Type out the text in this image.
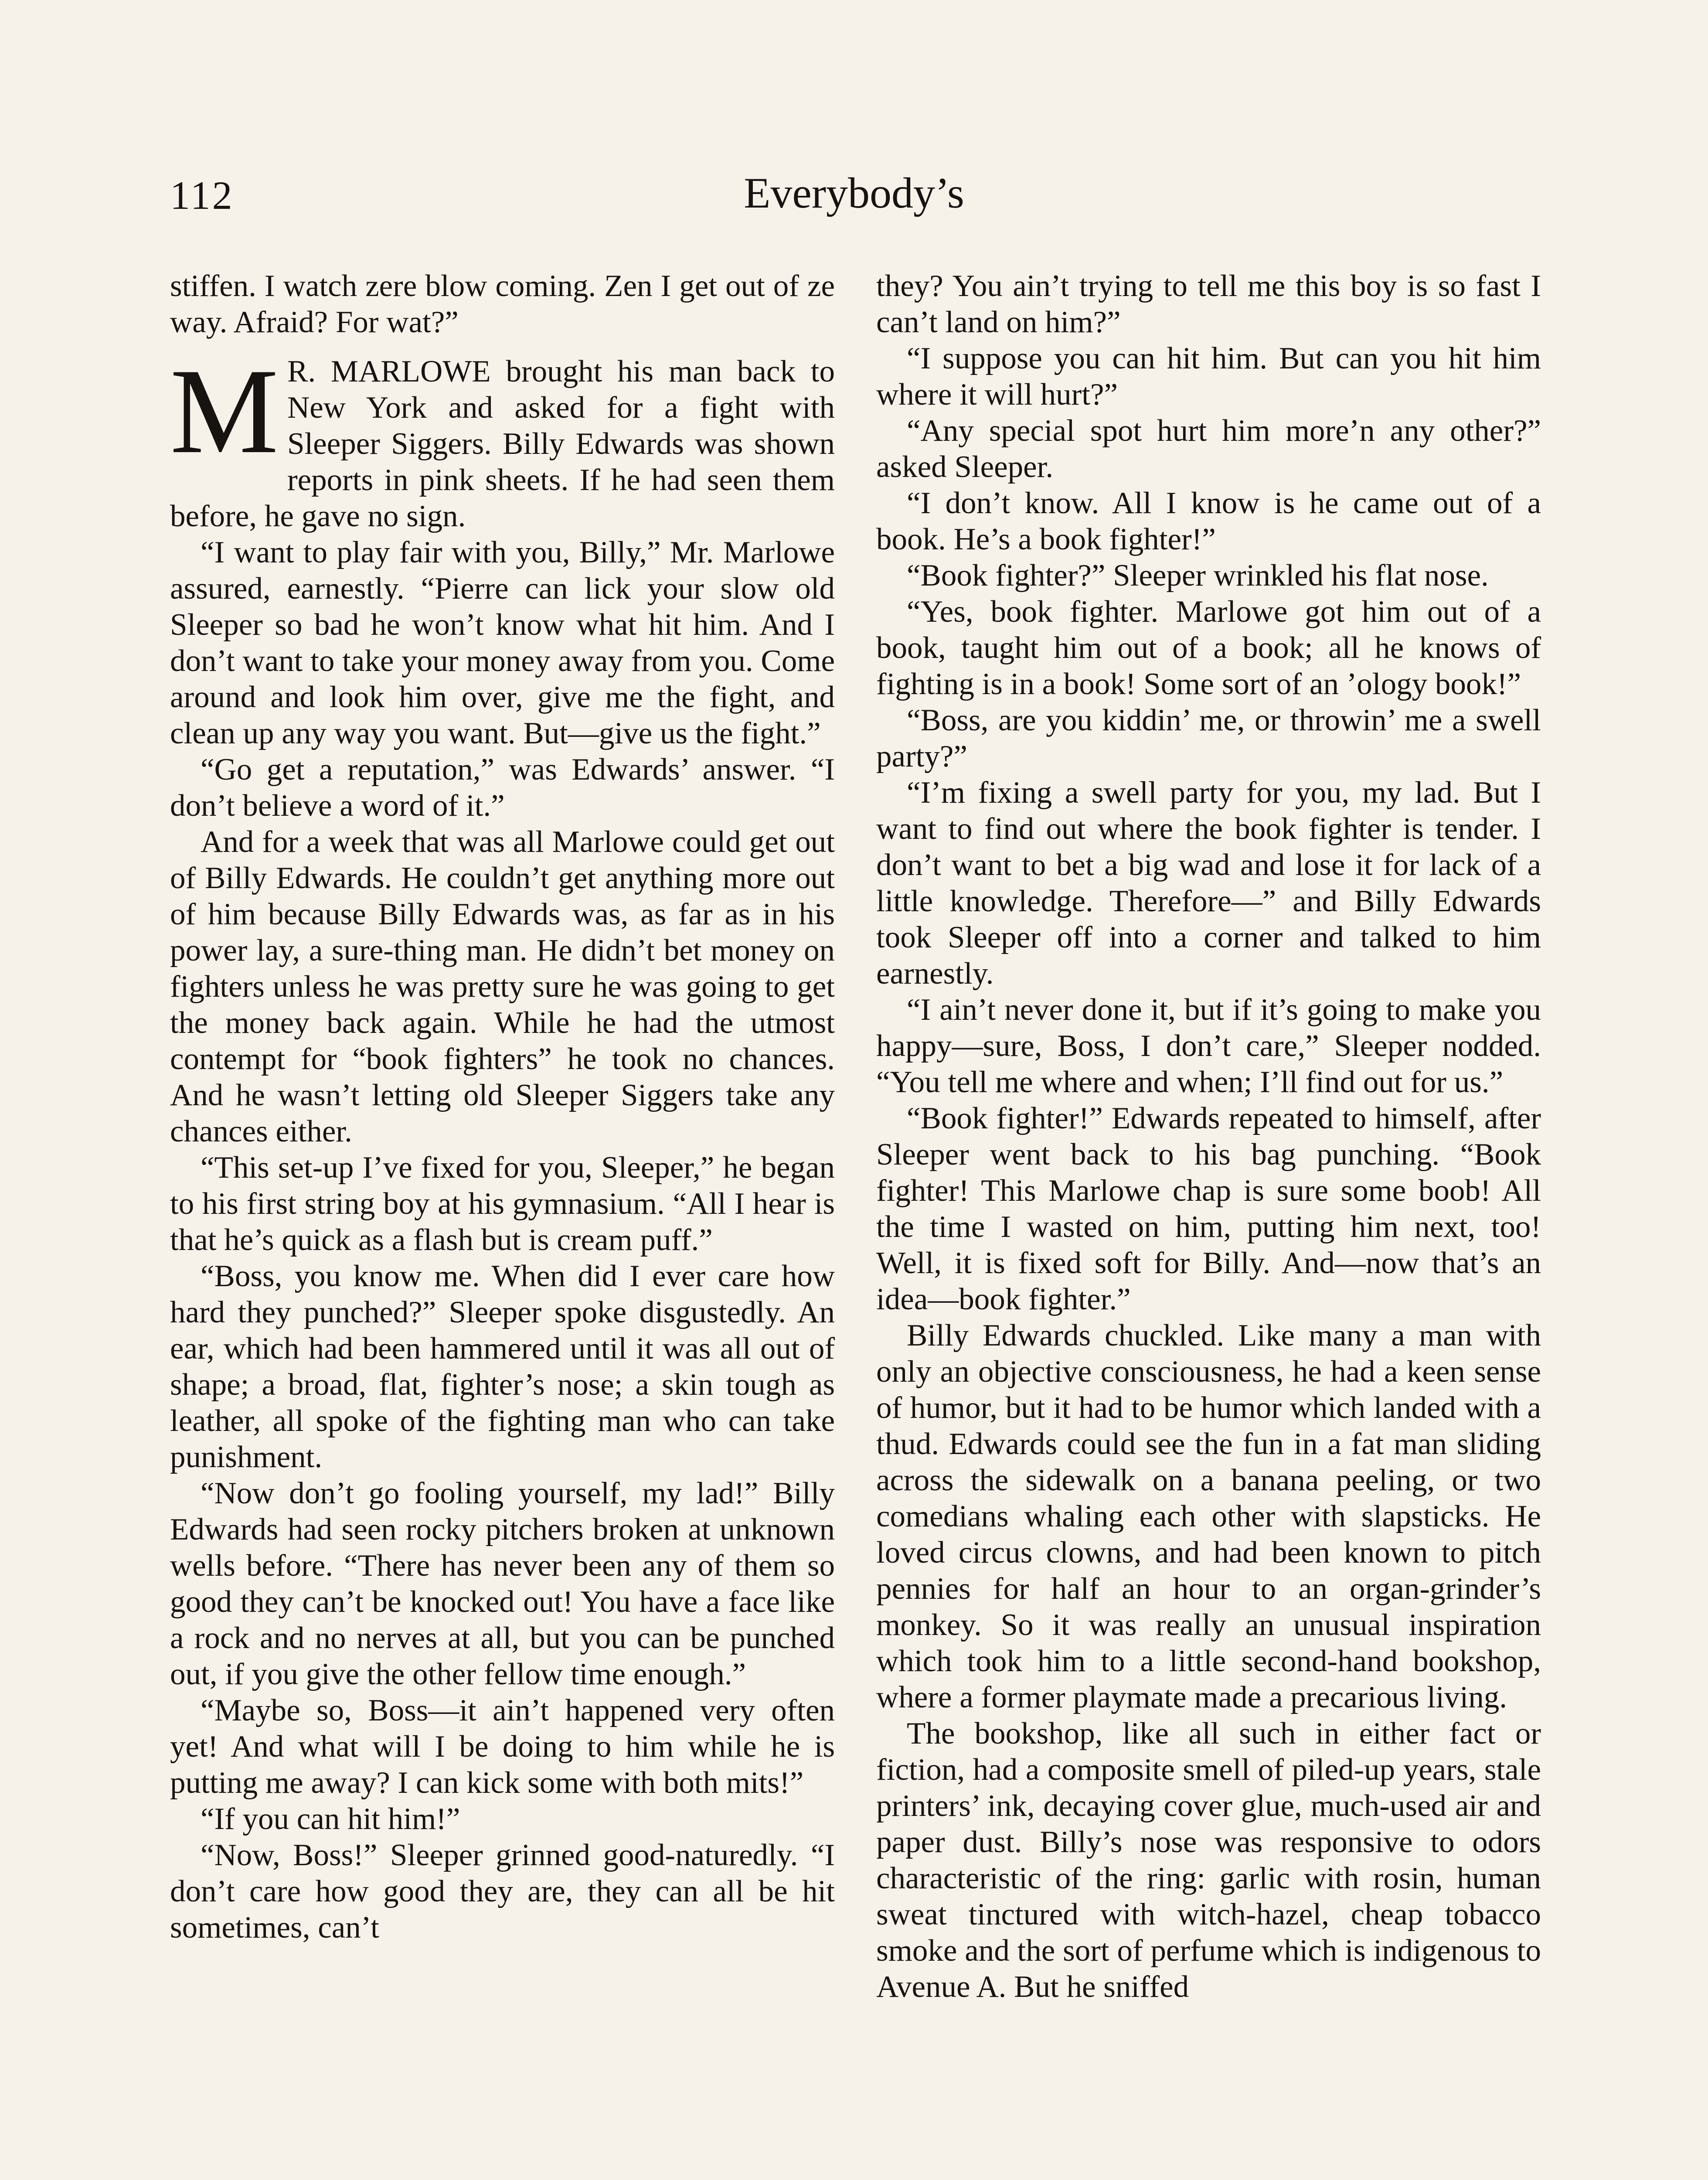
112	Everybody’s

stiffen. I watch zere blow coming. Zen I get out of ze way. Afraid? For wat?”

M R. MARLOWE brought his man back to New York and asked for a fight with Sleeper Siggers. Billy Edwards was shown reports in pink sheets. If he had seen them before, he gave no sign.

“I want to play fair with you, Billy,” Mr. Marlowe assured, earnestly. “Pierre can lick your slow old Sleeper so bad he won’t know what hit him. And I don’t want to take your money away from you. Come around and look him over, give me the fight, and clean up any way you want. But—give us the fight.”

“Go get a reputation,” was Edwards’ answer. “I don’t believe a word of it.”

And for a week that was all Marlowe could get out of Billy Edwards. He couldn’t get anything more out of him because Billy Edwards was, as far as in his power lay, a sure-thing man. He didn’t bet money on fighters unless he was pretty sure he was going to get the money back again. While he had the utmost contempt for “book fighters” he took no chances. And he wasn’t letting old Sleeper Siggers take any chances either.

“This set-up I’ve fixed for you, Sleeper,” he began to his first string boy at his gymnasium. “All I hear is that he’s quick as a flash but is cream puff.”

“Boss, you know me. When did I ever care how hard they punched?” Sleeper spoke disgustedly. An ear, which had been hammered until it was all out of shape; a broad, flat, fighter’s nose; a skin tough as leather, all spoke of the fighting man who can take punishment.

“Now don’t go fooling yourself, my lad!” Billy Edwards had seen rocky pitchers broken at unknown wells before. “There has never been any of them so good they can’t be knocked out! You have a face like a rock and no nerves at all, but you can be punched out, if you give the other fellow time enough.”

“Maybe so, Boss—it ain’t happened very often yet! And what will I be doing to him while he is putting me away? I can kick some with both mits!”

“If you can hit him!”

“Now, Boss!” Sleeper grinned good-naturedly. “I don’t care how good they are, they can all be hit sometimes, can’t

they? You ain’t trying to tell me this boy is so fast I can’t land on him?”

“I suppose you can hit him. But can you hit him where it will hurt?”

“Any special spot hurt him more’n any other?” asked Sleeper.

“I don’t know. All I know is he came out of a book. He’s a book fighter!”

“Book fighter?” Sleeper wrinkled his flat nose.

“Yes, book fighter. Marlowe got him out of a book, taught him out of a book; all he knows of fighting is in a book! Some sort of an ’ology book!”

“Boss, are you kiddin’ me, or throwin’ me a swell party?”

“I’m fixing a swell party for you, my lad. But I want to find out where the book fighter is tender. I don’t want to bet a big wad and lose it for lack of a little knowledge. Therefore—” and Billy Edwards took Sleeper off into a corner and talked to him earnestly.

“I ain’t never done it, but if it’s going to make you happy—sure, Boss, I don’t care,” Sleeper nodded. “You tell me where and when; I’ll find out for us.”

“Book fighter!” Edwards repeated to himself, after Sleeper went back to his bag punching. “Book fighter! This Marlowe chap is sure some boob! All the time I wasted on him, putting him next, too! Well, it is fixed soft for Billy. And—now that’s an idea—book fighter.”

Billy Edwards chuckled. Like many a man with only an objective consciousness, he had a keen sense of humor, but it had to be humor which landed with a thud. Edwards could see the fun in a fat man sliding across the sidewalk on a banana peeling, or two comedians whaling each other with slapsticks. He loved circus clowns, and had been known to pitch pennies for half an hour to an organ-grinder’s monkey. So it was really an unusual inspiration which took him to a little second-hand bookshop, where a former playmate made a precarious living.

The bookshop, like all such in either fact or fiction, had a composite smell of piled-up years, stale printers’ ink, decaying cover glue, much-used air and paper dust. Billy’s nose was responsive to odors characteristic of the ring: garlic with rosin, human sweat tinctured with witch-hazel, cheap tobacco smoke and the sort of perfume which is indigenous to Avenue A. But he sniffed
